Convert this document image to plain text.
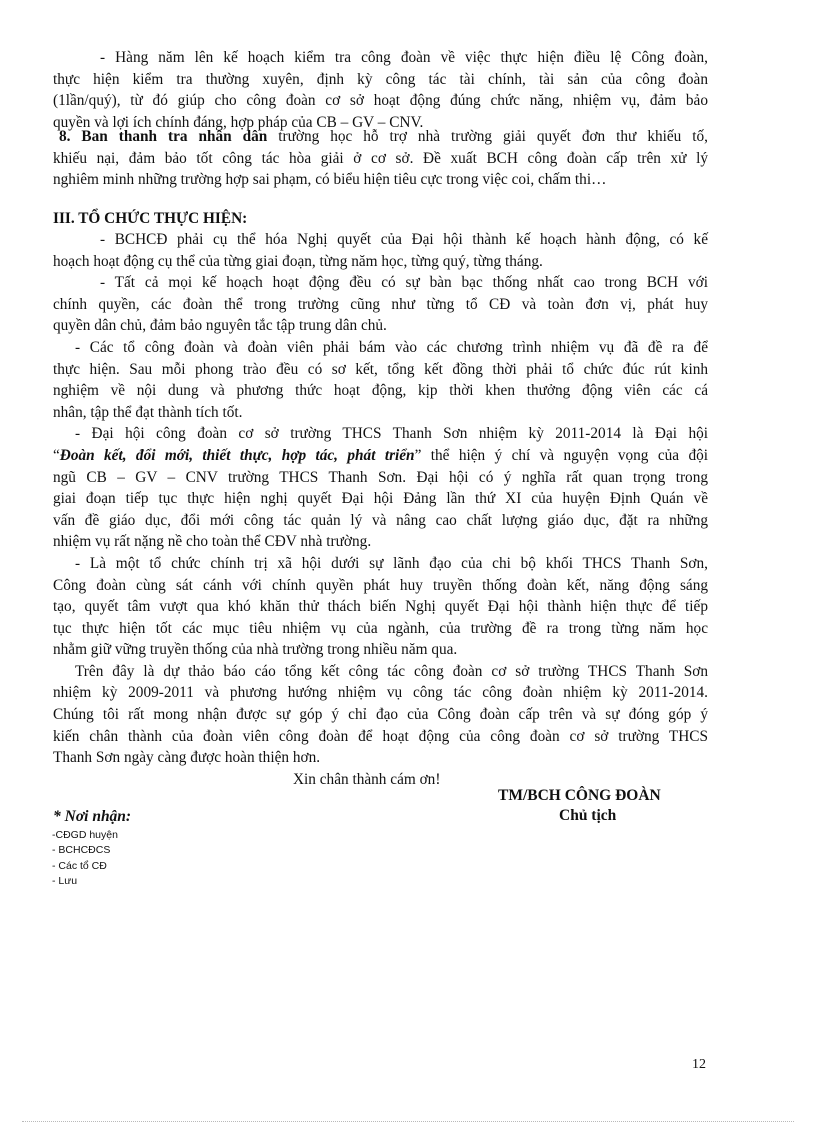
- Hàng năm lên kế hoạch kiểm tra công đoàn về việc thực hiện điều lệ Công đoàn,
thực hiện kiểm tra thường xuyên, định kỳ công tác tài chính, tài sản của công đoàn
(1lần/quý), từ đó giúp cho công đoàn cơ sở hoạt động đúng chức năng, nhiệm vụ, đảm bảo
quyền và lợi ích chính đáng, hợp pháp của CB – GV – CNV.
8. Ban thanh tra nhân dân trường học hỗ trợ nhà trường giải quyết đơn thư khiếu tố,
khiếu nại, đảm bảo tốt công tác hòa giải ở cơ sở. Đề xuất BCH công đoàn cấp trên xử lý
nghiêm minh những trường hợp sai phạm, có biểu hiện tiêu cực trong việc coi, chấm thi…
III. TỔ CHỨC THỰC HIỆN:
- BCHCĐ phải cụ thể hóa Nghị quyết của Đại hội thành kế hoạch hành động, có kế
hoạch hoạt động cụ thể của từng giai đoạn, từng năm học, từng quý, từng tháng.
- Tất cả mọi kế hoạch hoạt động đều có sự bàn bạc thống nhất cao trong BCH với
chính quyền, các đoàn thể trong trường cũng như từng tổ CĐ và toàn đơn vị, phát huy
quyền dân chủ, đảm bảo nguyên tắc tập trung dân chủ.
- Các tổ công đoàn và đoàn viên phải bám vào các chương trình nhiệm vụ đã đề ra để
thực hiện. Sau mỗi phong trào đều có sơ kết, tổng kết đồng thời phải tổ chức đúc rút kinh
nghiệm về nội dung và phương thức hoạt động, kịp thời khen thưởng động viên các cá
nhân, tập thể đạt thành tích tốt.
- Đại hội công đoàn cơ sở trường THCS Thanh Sơn nhiệm kỳ 2011-2014 là Đại hội
“Đoàn kết, đổi mới, thiết thực, hợp tác, phát triển” thể hiện ý chí và nguyện vọng của đội
ngũ CB – GV – CNV trường THCS Thanh Sơn. Đại hội có ý nghĩa rất quan trọng trong
giai đoạn tiếp tục thực hiện nghị quyết Đại hội Đảng lần thứ XI của huyện Định Quán về
vấn đề giáo dục, đổi mới công tác quản lý và nâng cao chất lượng giáo dục, đặt ra những
nhiệm vụ rất nặng nề cho toàn thể CĐV nhà trường.
- Là một tổ chức chính trị xã hội dưới sự lãnh đạo của chi bộ khối THCS Thanh Sơn,
Công đoàn cùng sát cánh với chính quyền phát huy truyền thống đoàn kết, năng động sáng
tạo, quyết tâm vượt qua khó khăn thử thách biến Nghị quyết Đại hội thành hiện thực để tiếp
tục thực hiện tốt các mục tiêu nhiệm vụ của ngành, của trường đề ra trong từng năm học
nhằm giữ vững truyền thống của nhà trường trong nhiều năm qua.
Trên đây là dự thảo báo cáo tổng kết công tác công đoàn cơ sở trường THCS Thanh Sơn
nhiệm kỳ 2009-2011 và phương hướng nhiệm vụ công tác công đoàn nhiệm kỳ 2011-2014.
Chúng tôi rất mong nhận được sự góp ý chỉ đạo của Công đoàn cấp trên và sự đóng góp ý
kiến chân thành của đoàn viên công đoàn để hoạt động của công đoàn cơ sở trường THCS
Thanh Sơn ngày càng được hoàn thiện hơn.
Xin chân thành cám ơn!
TM/BCH CÔNG ĐOÀN
Chủ tịch
* Nơi nhận:
-CĐGD huyện
- BCHCĐCS
- Các tổ CĐ
- Lưu
12
